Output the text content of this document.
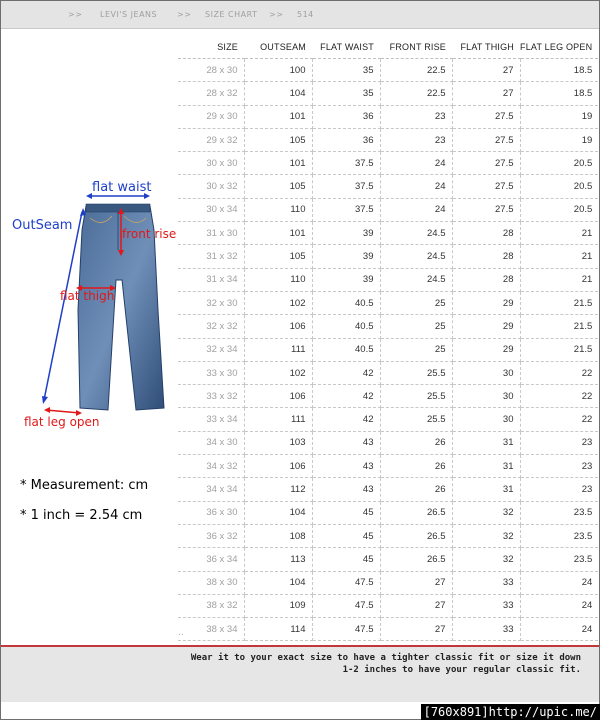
>> LEVI'S JEANS >> SIZE CHART >> 514
flat waist
OutSeam
front rise
flat thigh
flat leg open
* Measurement: cm
* 1 inch = 2.54 cm
SIZE	OUTSEAM	FLAT WAIST	FRONT RISE	FLAT THIGH	FLAT LEG OPEN
28 x 30	100	35	22.5	27	18.5
28 x 32	104	35	22.5	27	18.5
29 x 30	101	36	23	27.5	19
29 x 32	105	36	23	27.5	19
30 x 30	101	37.5	24	27.5	20.5
30 x 32	105	37.5	24	27.5	20.5
30 x 34	110	37.5	24	27.5	20.5
31 x 30	101	39	24.5	28	21
31 x 32	105	39	24.5	28	21
31 x 34	110	39	24.5	28	21
32 x 30	102	40.5	25	29	21.5
32 x 32	106	40.5	25	29	21.5
32 x 34	111	40.5	25	29	21.5
33 x 30	102	42	25.5	30	22
33 x 32	106	42	25.5	30	22
33 x 34	111	42	25.5	30	22
34 x 30	103	43	26	31	23
34 x 32	106	43	26	31	23
34 x 34	112	43	26	31	23
36 x 30	104	45	26.5	32	23.5
36 x 32	108	45	26.5	32	23.5
36 x 34	113	45	26.5	32	23.5
38 x 30	104	47.5	27	33	24
38 x 32	109	47.5	27	33	24
38 x 34	114	47.5	27	33	24
..
Wear it to your exact size to have a tighter classic fit or size it down
1-2 inches to have your regular classic fit.
[760x891]http://upic.me/
